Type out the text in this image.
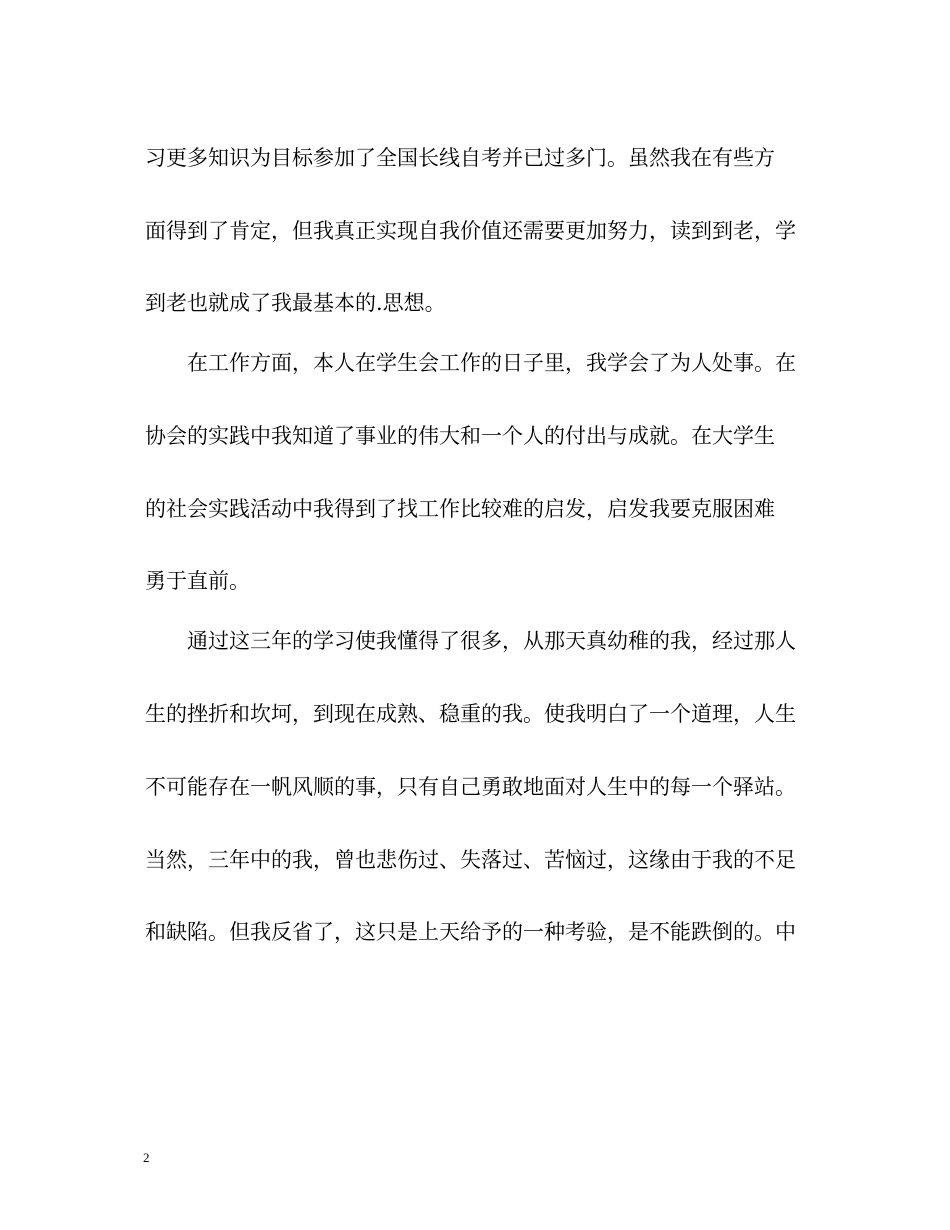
习更多知识为目标参加了全国长线自考并已过多门。虽然我在有些方
面得到了肯定，但我真正实现自我价值还需要更加努力，读到到老，学
到老也就成了我最基本的.思想。
在工作方面，本人在学生会工作的日子里，我学会了为人处事。在
协会的实践中我知道了事业的伟大和一个人的付出与成就。在大学生
的社会实践活动中我得到了找工作比较难的启发，启发我要克服困难
勇于直前。
通过这三年的学习使我懂得了很多，从那天真幼稚的我，经过那人
生的挫折和坎坷，到现在成熟、稳重的我。使我明白了一个道理，人生
不可能存在一帆风顺的事，只有自己勇敢地面对人生中的每一个驿站。
当然，三年中的我，曾也悲伤过、失落过、苦恼过，这缘由于我的不足
和缺陷。但我反省了，这只是上天给予的一种考验，是不能跌倒的。中
2
